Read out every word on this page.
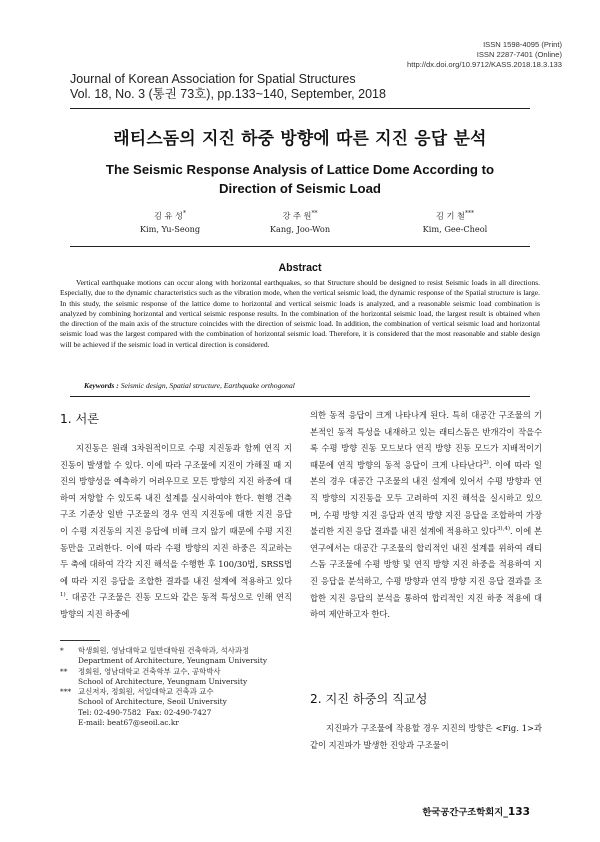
ISSN 1598-4095 (Print)
ISSN 2287-7401 (Online)
http://dx.doi.org/10.9712/KASS.2018.18.3.133
Journal of Korean Association for Spatial Structures
Vol. 18, No. 3 (통권 73호), pp.133~140, September, 2018
래티스돔의 지진 하중 방향에 따른 지진 응답 분석
The Seismic Response Analysis of Lattice Dome According to
Direction of Seismic Load
김 유 성*
Kim, Yu-Seong
강 주 원**
Kang, Joo-Won
김 기 철***
Kim, Gee-Cheol
Abstract

Vertical earthquake motions can occur along with horizontal earthquakes, so that Structure should be designed to resist Seismic loads in all directions. Especially, due to the dynamic characteristics such as the vibration mode, when the vertical seismic load, the dynamic response of the Spatial structure is large. In this study, the seismic response of the lattice dome to horizontal and vertical seismic loads is analyzed, and a reasonable seismic load combination is analyzed by combining horizontal and vertical seismic response results. In the combination of the horizontal seismic load, the largest result is obtained when the direction of the main axis of the structure coincides with the direction of seismic load. In addition, the combination of vertical seismic load and horizontal seismic load was the largest compared with the combination of horizontal seismic load. Therefore, it is considered that the most reasonable and stable design will be achieved if the seismic load in vertical direction is considered.

Keywords : Seismic design, Spatial structure, Earthquake orthogonal
1. 서론

지진동은 원래 3차원적이므로 수평 지진동과 함께 연직 지진동이 발생할 수 있다. 이에 따라 구조물에 지진이 가해질 때 지진의 방향성을 예측하기 어려우므로 모든 방향의 지진 하중에 대하여 저항할 수 있도록 내진 설계를 실시하여야 한다. 현행 건축 구조 기준상 일반 구조물의 경우 연직 지진동에 대한 지진 응답이 수평 지진동의 지진 응답에 비해 크지 않기 때문에 수평 지진동만을 고려한다. 이에 따라 수평 방향의 지진 하중은 직교하는 두 축에 대하여 각각 지진 해석을 수행한 후 100/30법, SRSS법에 따라 지진 응답을 조합한 결과를 내진 설계에 적용하고 있다$^{1)}$. 대공간 구조물은 진동 모드와 같은 동적 특성으로 인해 연직 방향의 지진 하중에

의한 동적 응답이 크게 나타나게 된다. 특히 대공간 구조물의 기본적인 동적 특성을 내재하고 있는 래티스돔은 반개각이 작을수록 수평 방향 진동 모드보다 연직 방향 진동 모드가 지배적이기 때문에 연직 방향의 동적 응답이 크게 나타난다$^{2)}$. 이에 따라 일본의 경우 대공간 구조물의 내진 설계에 있어서 수평 방향과 연직 방향의 지진동을 모두 고려하여 지진 해석을 실시하고 있으며, 수평 방향 지진 응답과 연직 방향 지진 응답을 조합하여 가장 불리한 지진 응답 결과를 내진 설계에 적용하고 있다$^{3),4)}$. 이에 본 연구에서는 대공간 구조물의 합리적인 내진 설계를 위하여 래티스돔 구조물에 수평 방향 및 연직 방향 지진 하중을 적용하여 지진 응답을 분석하고, 수평 방향과 연직 방향 지진 응답 결과를 조합한 지진 응답의 분석을 통하여 합리적인 지진 하중 적용에 대하여 제안하고자 한다.

2. 지진 하중의 직교성

지진파가 구조물에 작용할 경우 지진의 방향은 <Fig. 1>과 같이 지진파가 발생한 진앙과 구조물이

*	학생회원, 영남대학교 일반대학원 건축학과, 석사과정
Department of Architecture, Yeungnam University
**	정회원, 영남대학교 건축학부 교수, 공학박사
School of Architecture, Yeungnam University
*** 교신저자, 정회원, 서일대학교 건축과 교수
School of Architecture, Seoil University
Tel: 02-490-7582 Fax: 02-490-7427
E-mail: beat67@seoil.ac.kr
한국공간구조학회지_133
